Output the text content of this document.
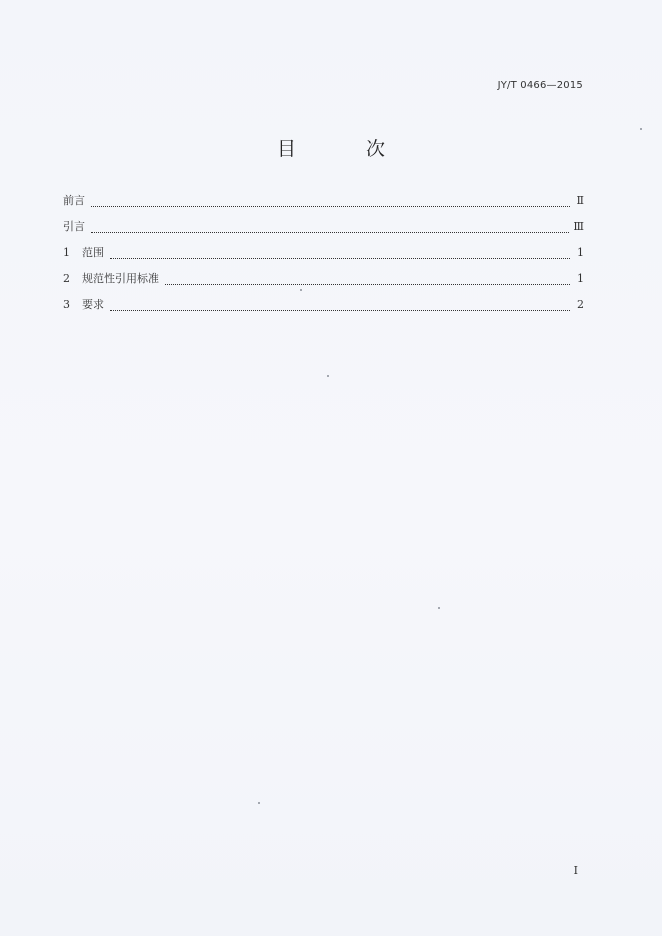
JY/T 0466—2015
目 次
前言	Ⅱ
引言	Ⅲ
1	范围	1
2	规范性引用标准	1
3	要求	2
I
